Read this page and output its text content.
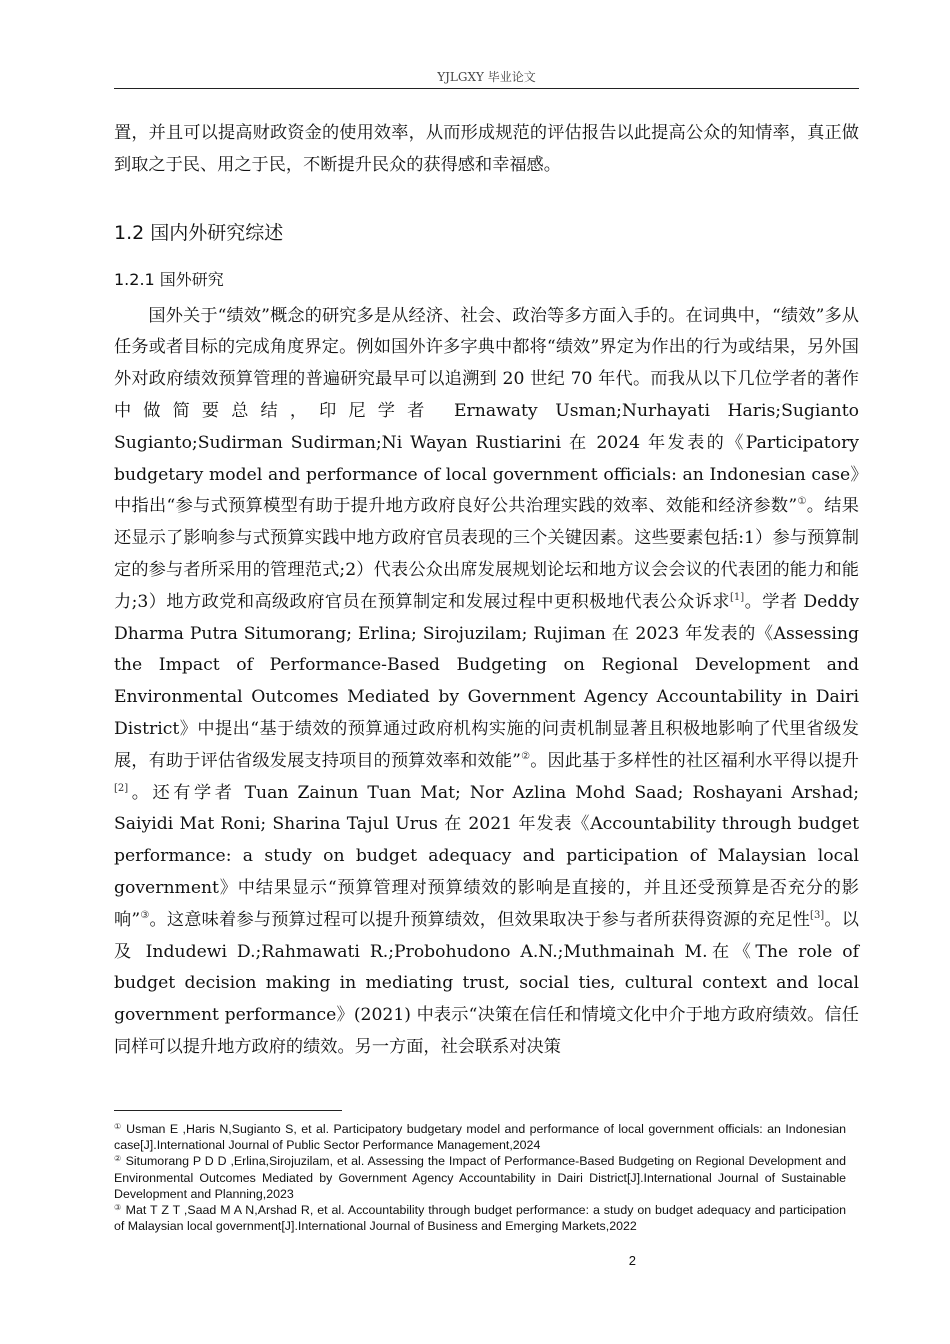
YJLGXY 毕业论文

置，并且可以提高财政资金的使用效率，从而形成规范的评估报告以此提高公众的知情率，真正做到取之于民、用之于民，不断提升民众的获得感和幸福感。

1.2 国内外研究综述
1.2.1 国外研究

国外关于“绩效”概念的研究多是从经济、社会、政治等多方面入手的。在词典中，“绩效”多从任务或者目标的完成角度界定。例如国外许多字典中都将“绩效”界定为作出的行为或结果，另外国外对政府绩效预算管理的普遍研究最早可以追溯到 20 世纪 70 年代。而我从以下几位学者的著作中做简要总结，印尼学者 Ernawaty Usman;Nurhayati Haris;Sugianto Sugianto;Sudirman Sudirman;Ni Wayan Rustiarini 在 2024 年发表的《Participatory budgetary model and performance of local government officials: an Indonesian case》中指出“参与式预算模型有助于提升地方政府良好公共治理实践的效率、效能和经济参数”①。结果还显示了影响参与式预算实践中地方政府官员表现的三个关键因素。这些要素包括:1）参与预算制定的参与者所采用的管理范式;2）代表公众出席发展规划论坛和地方议会会议的代表团的能力和能力;3）地方政党和高级政府官员在预算制定和发展过程中更积极地代表公众诉求[1]。学者 Deddy Dharma Putra Situmorang; Erlina; Sirojuzilam; Rujiman 在 2023 年发表的《Assessing the Impact of Performance-Based Budgeting on Regional Development and Environmental Outcomes Mediated by Government Agency Accountability in Dairi District》中提出“基于绩效的预算通过政府机构实施的问责机制显著且积极地影响了代里省级发展，有助于评估省级发展支持项目的预算效率和效能”②。因此基于多样性的社区福利水平得以提升[2]。还有学者 Tuan Zainun Tuan Mat; Nor Azlina Mohd Saad; Roshayani Arshad; Saiyidi Mat Roni; Sharina Tajul Urus 在 2021 年发表《Accountability through budget performance: a study on budget adequacy and participation of Malaysian local government》中结果显示“预算管理对预算绩效的影响是直接的，并且还受预算是否充分的影响”③。这意味着参与预算过程可以提升预算绩效，但效果取决于参与者所获得资源的充足性[3]。以及 Indudewi D.;Rahmawati R.;Probohudono A.N.;Muthmainah M.在《The role of budget decision making in mediating trust, social ties, cultural context and local government performance》(2021) 中表示“决策在信任和情境文化中介于地方政府绩效。信任同样可以提升地方政府的绩效。另一方面，社会联系对决策

① Usman E ,Haris N,Sugianto S, et al. Participatory budgetary model and performance of local government officials: an Indonesian case[J].International Journal of Public Sector Performance Management,2024

② Situmorang P D D ,Erlina,Sirojuzilam, et al. Assessing the Impact of Performance-Based Budgeting on Regional Development and Environmental Outcomes Mediated by Government Agency Accountability in Dairi District[J].International Journal of Sustainable Development and Planning,2023

③ Mat T Z T ,Saad M A N,Arshad R, et al. Accountability through budget performance: a study on budget adequacy and participation of Malaysian local government[J].International Journal of Business and Emerging Markets,2022

2
